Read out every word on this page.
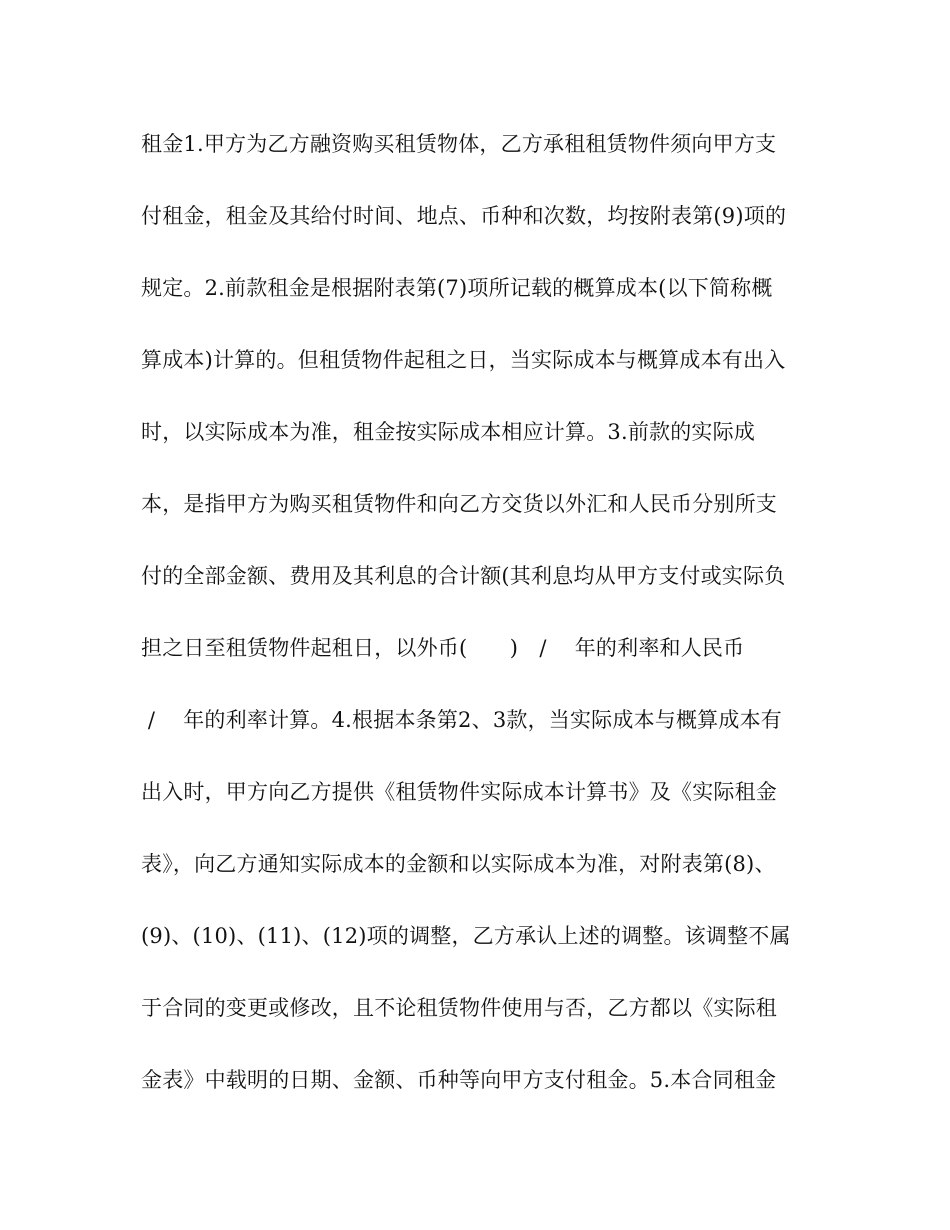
租金1.甲方为乙方融资购买租赁物体，乙方承租租赁物件须向甲方支
付租金，租金及其给付时间、地点、币种和次数，均按附表第(9)项的
规定。2.前款租金是根据附表第(7)项所记载的概算成本(以下简称概
算成本)计算的。但租赁物件起租之日，当实际成本与概算成本有出入
时，以实际成本为准，租金按实际成本相应计算。3.前款的实际成
本，是指甲方为购买租赁物件和向乙方交货以外汇和人民币分别所支
付的全部金额、费用及其利息的合计额(其利息均从甲方支付或实际负
担之日至租赁物件起租日，以外币(　　)　/　 年的利率和人民币
/　 年的利率计算。4.根据本条第2、3款，当实际成本与概算成本有
出入时，甲方向乙方提供《租赁物件实际成本计算书》及《实际租金
表》，向乙方通知实际成本的金额和以实际成本为准，对附表第(8)、
(9)、(10)、(11)、(12)项的调整，乙方承认上述的调整。该调整不属
于合同的变更或修改，且不论租赁物件使用与否，乙方都以《实际租
金表》中载明的日期、金额、币种等向甲方支付租金。5.本合同租金
